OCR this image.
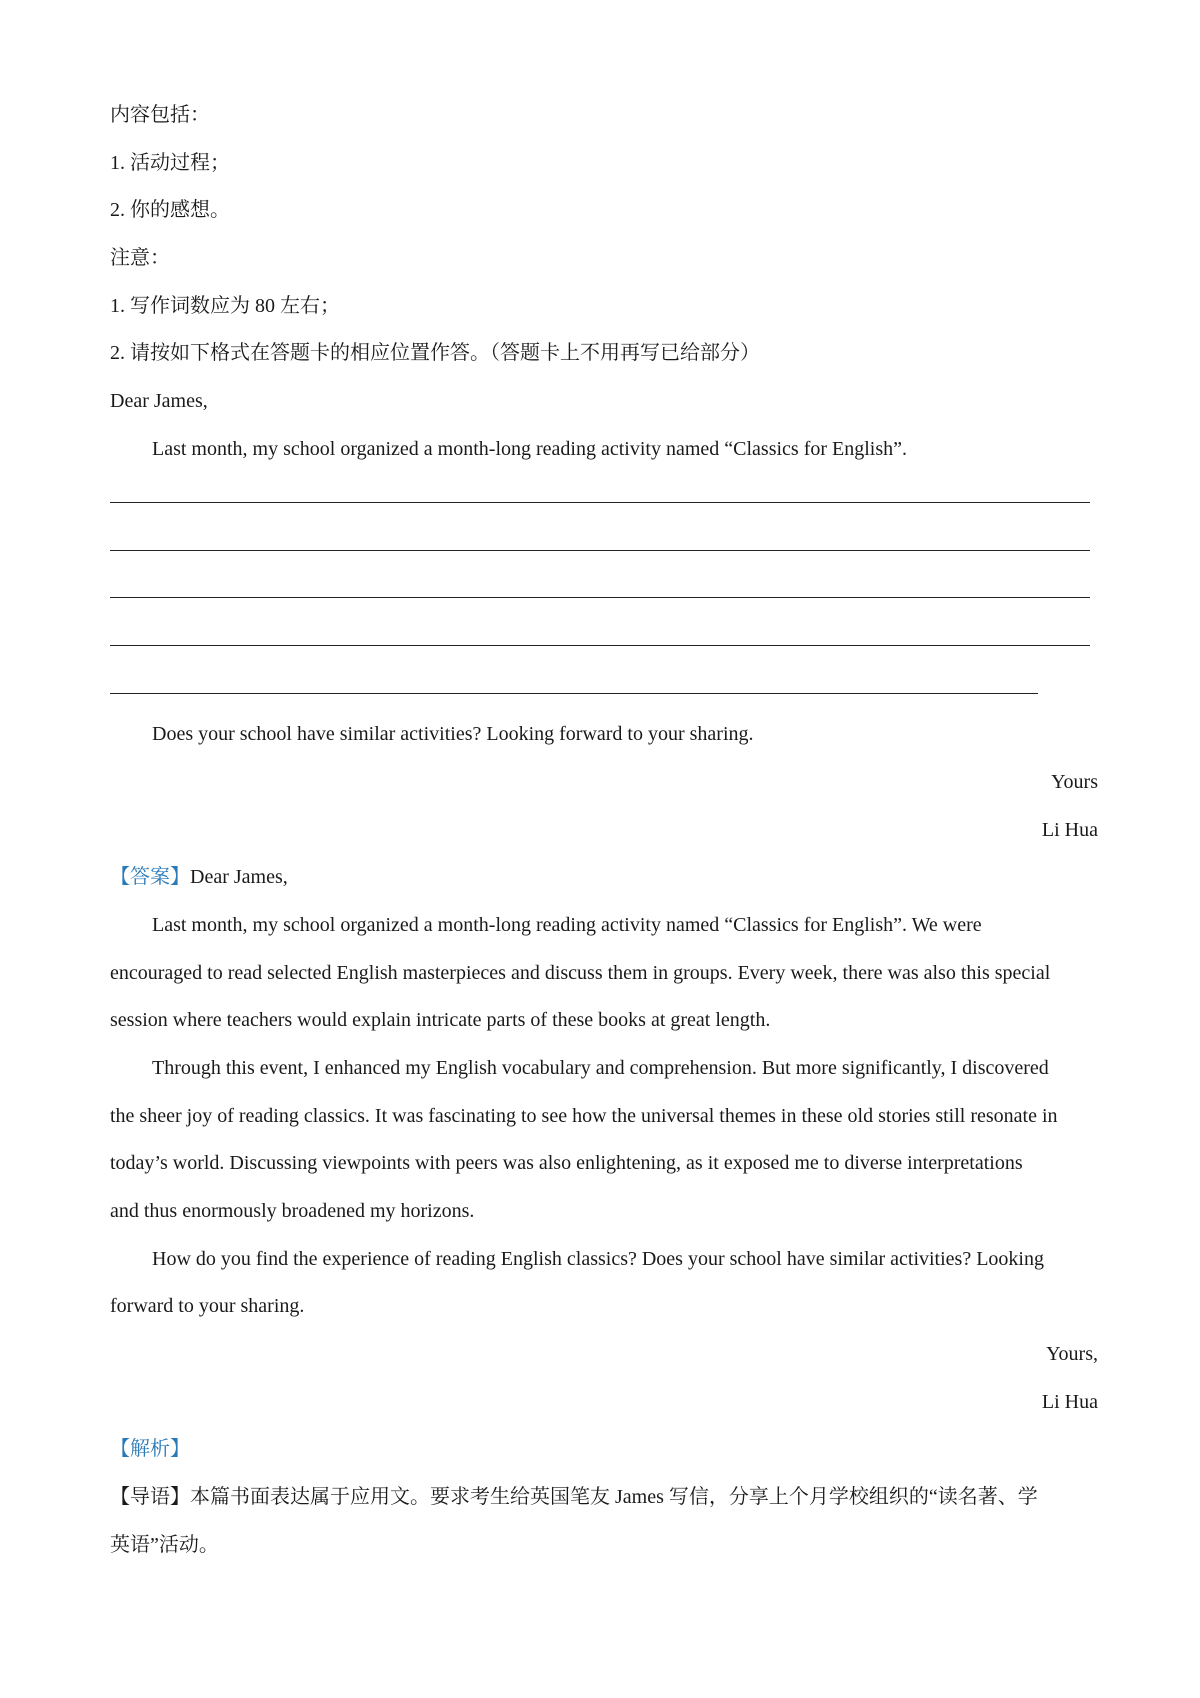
内容包括：
1. 活动过程；
2. 你的感想。
注意：
1. 写作词数应为 80 左右；
2. 请按如下格式在答题卡的相应位置作答。（答题卡上不用再写已给部分）
Dear James,
Last month, my school organized a month-long reading activity named “Classics for English”.
Does your school have similar activities? Looking forward to your sharing.
Yours
Li Hua
【答案】Dear James,
Last month, my school organized a month-long reading activity named “Classics for English”. We were
encouraged to read selected English masterpieces and discuss them in groups. Every week, there was also this special
session where teachers would explain intricate parts of these books at great length.
Through this event, I enhanced my English vocabulary and comprehension. But more significantly, I discovered
the sheer joy of reading classics. It was fascinating to see how the universal themes in these old stories still resonate in
today’s world. Discussing viewpoints with peers was also enlightening, as it exposed me to diverse interpretations
and thus enormously broadened my horizons.
How do you find the experience of reading English classics? Does your school have similar activities? Looking
forward to your sharing.
Yours,
Li Hua
【解析】
【导语】本篇书面表达属于应用文。要求考生给英国笔友 James 写信，分享上个月学校组织的“读名著、学
英语”活动。
